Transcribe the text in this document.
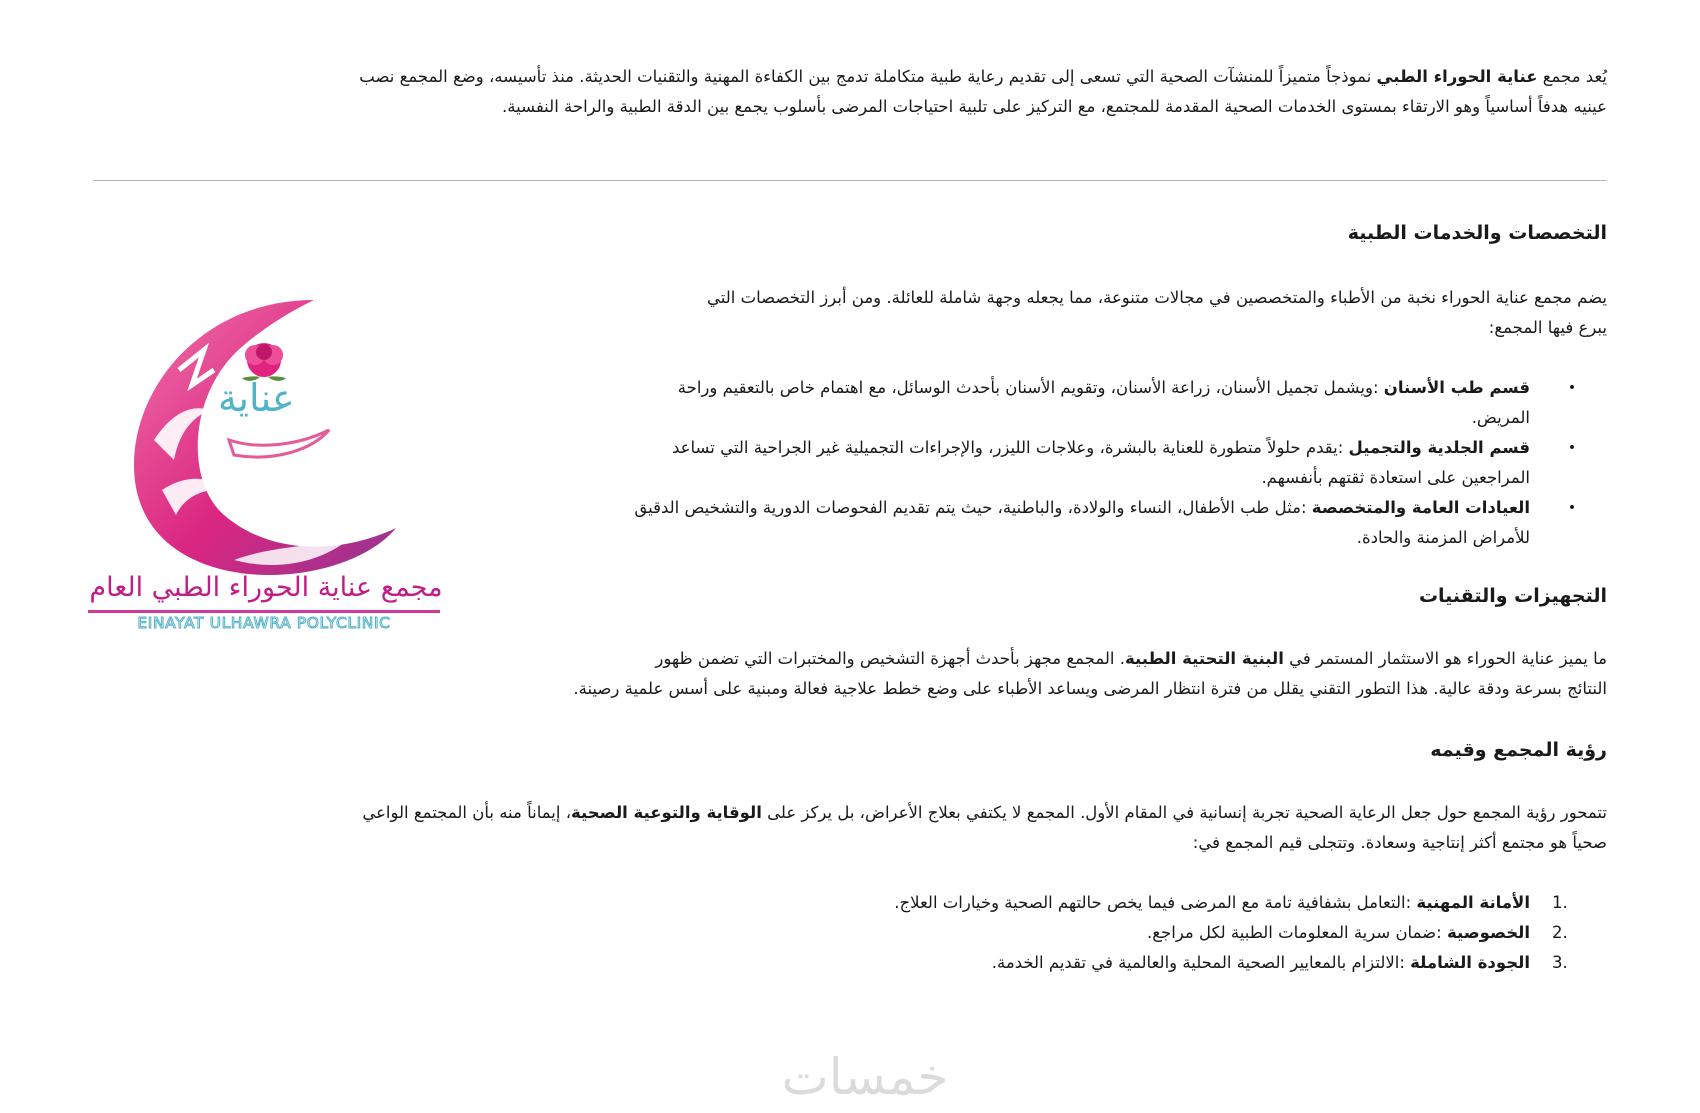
يُعد مجمع عناية الحوراء الطبي نموذجاً متميزاً للمنشآت الصحية التي تسعى إلى تقديم رعاية طبية متكاملة تدمج بين الكفاءة المهنية والتقنيات الحديثة. منذ تأسيسه، وضع المجمع نصب
عينيه هدفاً أساسياً وهو الارتقاء بمستوى الخدمات الصحية المقدمة للمجتمع، مع التركيز على تلبية احتياجات المرضى بأسلوب يجمع بين الدقة الطبية والراحة النفسية.

التخصصات والخدمات الطبية

يضم مجمع عناية الحوراء نخبة من الأطباء والمتخصصين في مجالات متنوعة، مما يجعله وجهة شاملة للعائلة. ومن أبرز التخصصات التي
يبرع فيها المجمع:

•
قسم طب الأسنان :ويشمل تجميل الأسنان، زراعة الأسنان، وتقويم الأسنان بأحدث الوسائل، مع اهتمام خاص بالتعقيم وراحة
المريض.
•
قسم الجلدية والتجميل :يقدم حلولاً متطورة للعناية بالبشرة، وعلاجات الليزر، والإجراءات التجميلية غير الجراحية التي تساعد
المراجعين على استعادة ثقتهم بأنفسهم.
•
العيادات العامة والمتخصصة :مثل طب الأطفال، النساء والولادة، والباطنية، حيث يتم تقديم الفحوصات الدورية والتشخيص الدقيق
للأمراض المزمنة والحادة.
التجهيزات والتقنيات

ما يميز عناية الحوراء هو الاستثمار المستمر في البنية التحتية الطبية. المجمع مجهز بأحدث أجهزة التشخيص والمختبرات التي تضمن ظهور
النتائج بسرعة ودقة عالية. هذا التطور التقني يقلل من فترة انتظار المرضى ويساعد الأطباء على وضع خطط علاجية فعالة ومبنية على أسس علمية رصينة.

رؤية المجمع وقيمه

تتمحور رؤية المجمع حول جعل الرعاية الصحية تجربة إنسانية في المقام الأول. المجمع لا يكتفي بعلاج الأعراض، بل يركز على الوقاية والتوعية الصحية، إيماناً منه بأن المجتمع الواعي
صحياً هو مجتمع أكثر إنتاجية وسعادة. وتتجلى قيم المجمع في:

1.
الأمانة المهنية :التعامل بشفافية تامة مع المرضى فيما يخص حالتهم الصحية وخيارات العلاج.
2.
الخصوصية :ضمان سرية المعلومات الطبية لكل مراجع.
3.
الجودة الشاملة :الالتزام بالمعايير الصحية المحلية والعالمية في تقديم الخدمة.
عناية
مجمع عناية الحوراء الطبي العام
EINAYAT ULHAWRA POLYCLINIC
خمسات
